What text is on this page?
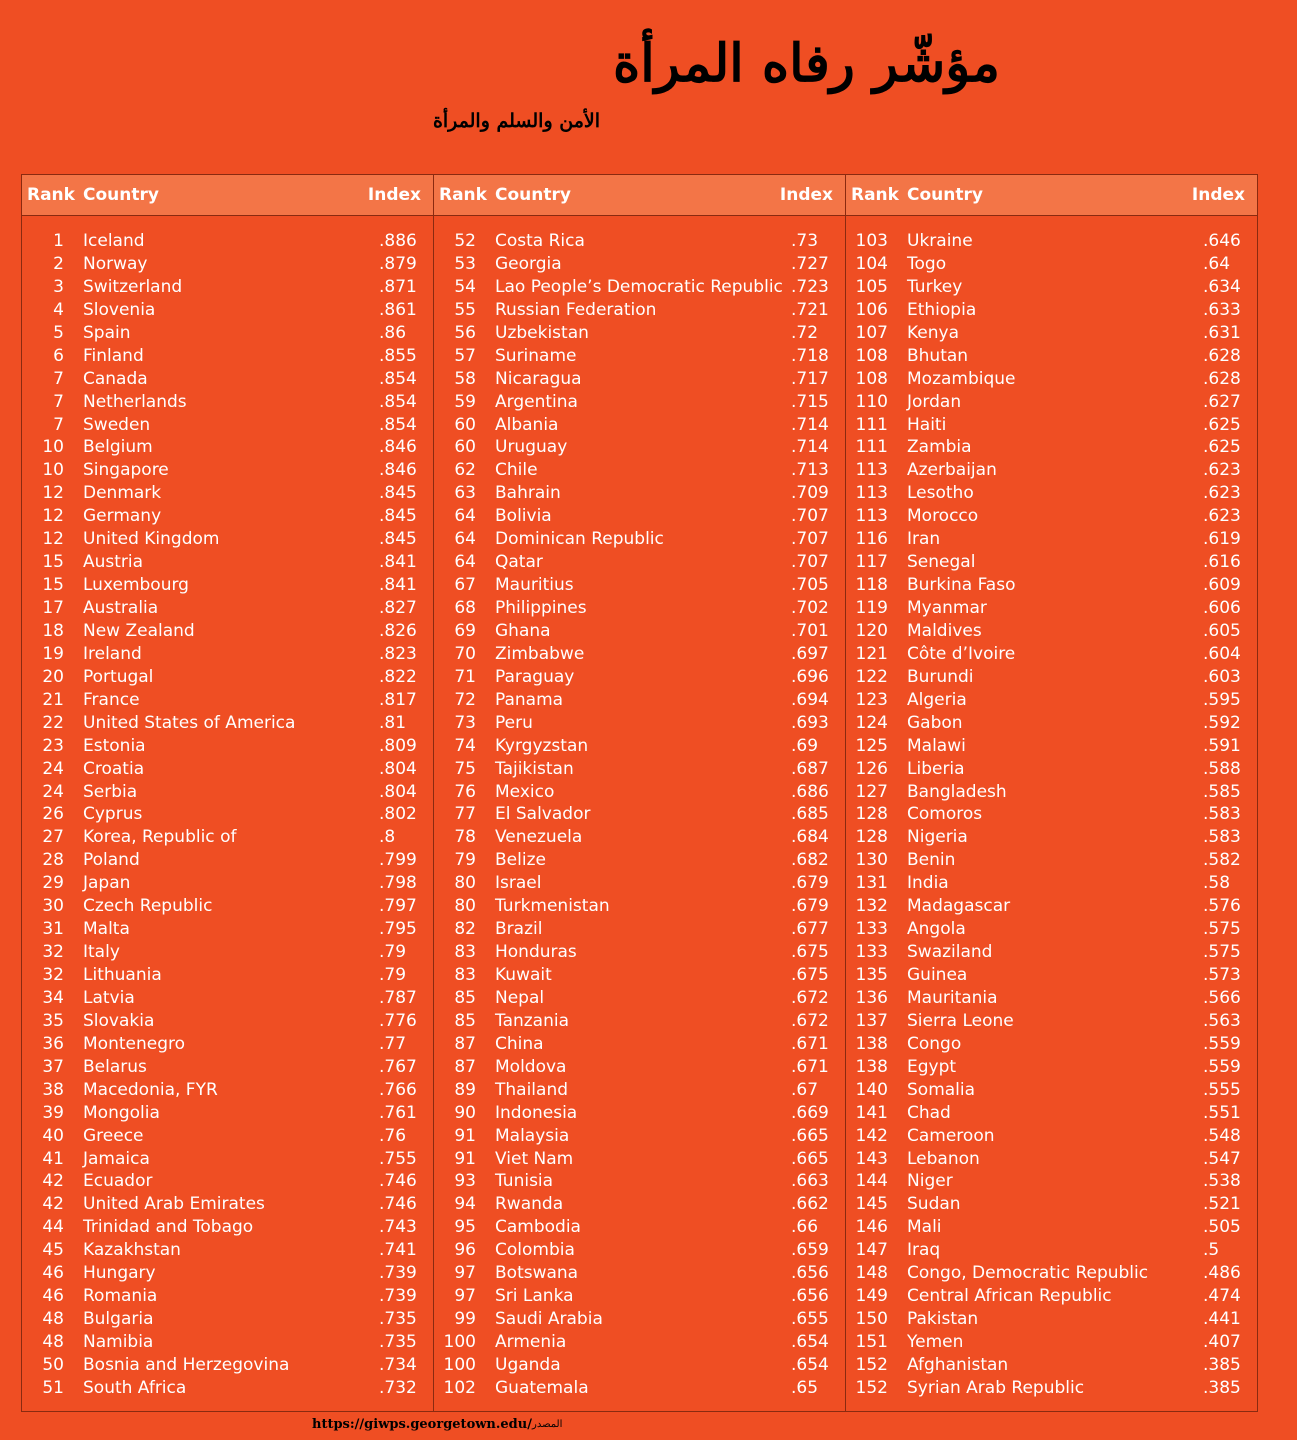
مؤشّر رفاه المرأة
الأمن والسلم والمرأة
Rank Country	Index
1 Iceland	.886
2 Norway	.879
3 Switzerland	.871
4 Slovenia	.861
5 Spain	.86
6 Finland	.855
7 Canada	.854
7 Netherlands	.854
7 Sweden	.854
10 Belgium	.846
10 Singapore	.846
12 Denmark	.845
12 Germany	.845
12 United Kingdom	.845
15 Austria	.841
15 Luxembourg	.841
17 Australia	.827
18 New Zealand	.826
19 Ireland	.823
20 Portugal	.822
21 France	.817
22 United States of America	.81
23 Estonia	.809
24 Croatia	.804
24 Serbia	.804
26 Cyprus	.802
27 Korea, Republic of	.8
28 Poland	.799
29 Japan	.798
30 Czech Republic	.797
31 Malta	.795
32 Italy	.79
32 Lithuania	.79
34 Latvia	.787
35 Slovakia	.776
36 Montenegro	.77
37 Belarus	.767
38 Macedonia, FYR	.766
39 Mongolia	.761
40 Greece	.76
41 Jamaica	.755
42 Ecuador	.746
42 United Arab Emirates	.746
44 Trinidad and Tobago	.743
45 Kazakhstan	.741
46 Hungary	.739
46 Romania	.739
48 Bulgaria	.735
48 Namibia	.735
50 Bosnia and Herzegovina	.734
51 South Africa	.732
Rank Country	Index
52 Costa Rica	.73
53 Georgia	.727
54 Lao People’s Democratic Republic .723
55 Russian Federation	.721
56 Uzbekistan	.72
57 Suriname	.718
58 Nicaragua	.717
59 Argentina	.715
60 Albania	.714
60 Uruguay	.714
62 Chile	.713
63 Bahrain	.709
64 Bolivia	.707
64 Dominican Republic	.707
64 Qatar	.707
67 Mauritius	.705
68 Philippines	.702
69 Ghana	.701
70 Zimbabwe	.697
71 Paraguay	.696
72 Panama	.694
73 Peru	.693
74 Kyrgyzstan	.69
75 Tajikistan	.687
76 Mexico	.686
77 El Salvador	.685
78 Venezuela	.684
79 Belize	.682
80 Israel	.679
80 Turkmenistan	.679
82 Brazil	.677
83 Honduras	.675
83 Kuwait	.675
85 Nepal	.672
85 Tanzania	.672
87 China	.671
87 Moldova	.671
89 Thailand	.67
90 Indonesia	.669
91 Malaysia	.665
91 Viet Nam	.665
93 Tunisia	.663
94 Rwanda	.662
95 Cambodia	.66
96 Colombia	.659
97 Botswana	.656
97 Sri Lanka	.656
99 Saudi Arabia	.655
100 Armenia	.654
100 Uganda	.654
102 Guatemala	.65
Rank Country	Index
103 Ukraine	.646
104 Togo	.64
105 Turkey	.634
106 Ethiopia	.633
107 Kenya	.631
108 Bhutan	.628
108 Mozambique	.628
110 Jordan	.627
111 Haiti	.625
111 Zambia	.625
113 Azerbaijan	.623
113 Lesotho	.623
113 Morocco	.623
116 Iran	.619
117 Senegal	.616
118 Burkina Faso	.609
119 Myanmar	.606
120 Maldives	.605
121 Côte d’Ivoire	.604
122 Burundi	.603
123 Algeria	.595
124 Gabon	.592
125 Malawi	.591
126 Liberia	.588
127 Bangladesh	.585
128 Comoros	.583
128 Nigeria	.583
130 Benin	.582
131 India	.58
132 Madagascar	.576
133 Angola	.575
133 Swaziland	.575
135 Guinea	.573
136 Mauritania	.566
137 Sierra Leone	.563
138 Congo	.559
138 Egypt	.559
140 Somalia	.555
141 Chad	.551
142 Cameroon	.548
143 Lebanon	.547
144 Niger	.538
145 Sudan	.521
146 Mali	.505
147 Iraq	.5
148 Congo, Democratic Republic	.486
149 Central African Republic	.474
150 Pakistan	.441
151 Yemen	.407
152 Afghanistan	.385
152 Syrian Arab Republic	.385
https://giwps.georgetown.edu/ المصدر
